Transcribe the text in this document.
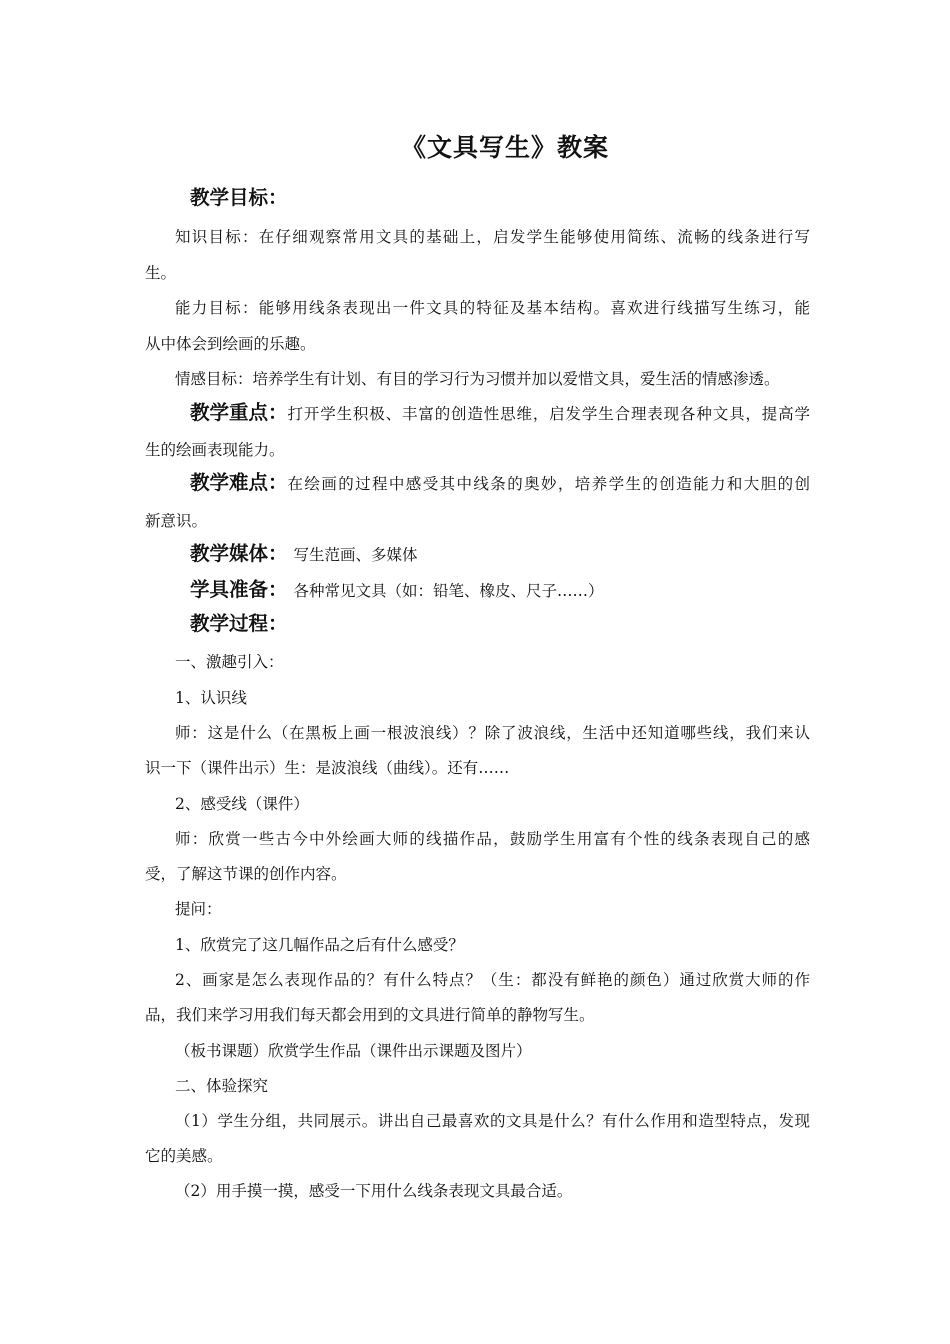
《文具写生》教案
教学目标：
知识目标：在仔细观察常用文具的基础上，启发学生能够使用简练、流畅的线条进行写
生。
能力目标：能够用线条表现出一件文具的特征及基本结构。喜欢进行线描写生练习，能
从中体会到绘画的乐趣。
情感目标：培养学生有计划、有目的学习行为习惯并加以爱惜文具，爱生活的情感渗透。
教学重点： 打开学生积极、丰富的创造性思维，启发学生合理表现各种文具，提高学
生的绘画表现能力。
教学难点： 在绘画的过程中感受其中线条的奥妙，培养学生的创造能力和大胆的创
新意识。
教学媒体： 写生范画、多媒体
学具准备： 各种常见文具（如：铅笔、橡皮、尺子……）
教学过程：
一、激趣引入：
1、认识线
师：这是什么（在黑板上画一根波浪线）？除了波浪线，生活中还知道哪些线，我们来认
识一下（课件出示）生：是波浪线（曲线）。还有……
2、感受线（课件）
师：欣赏一些古今中外绘画大师的线描作品，鼓励学生用富有个性的线条表现自己的感
受，了解这节课的创作内容。
提问：
1、欣赏完了这几幅作品之后有什么感受？
2、画家是怎么表现作品的？有什么特点？（生：都没有鲜艳的颜色）通过欣赏大师的作
品，我们来学习用我们每天都会用到的文具进行简单的静物写生。
（板书课题）欣赏学生作品（课件出示课题及图片）
二、体验探究
（1）学生分组，共同展示。讲出自己最喜欢的文具是什么？有什么作用和造型特点，发现
它的美感。
（2）用手摸一摸，感受一下用什么线条表现文具最合适。
